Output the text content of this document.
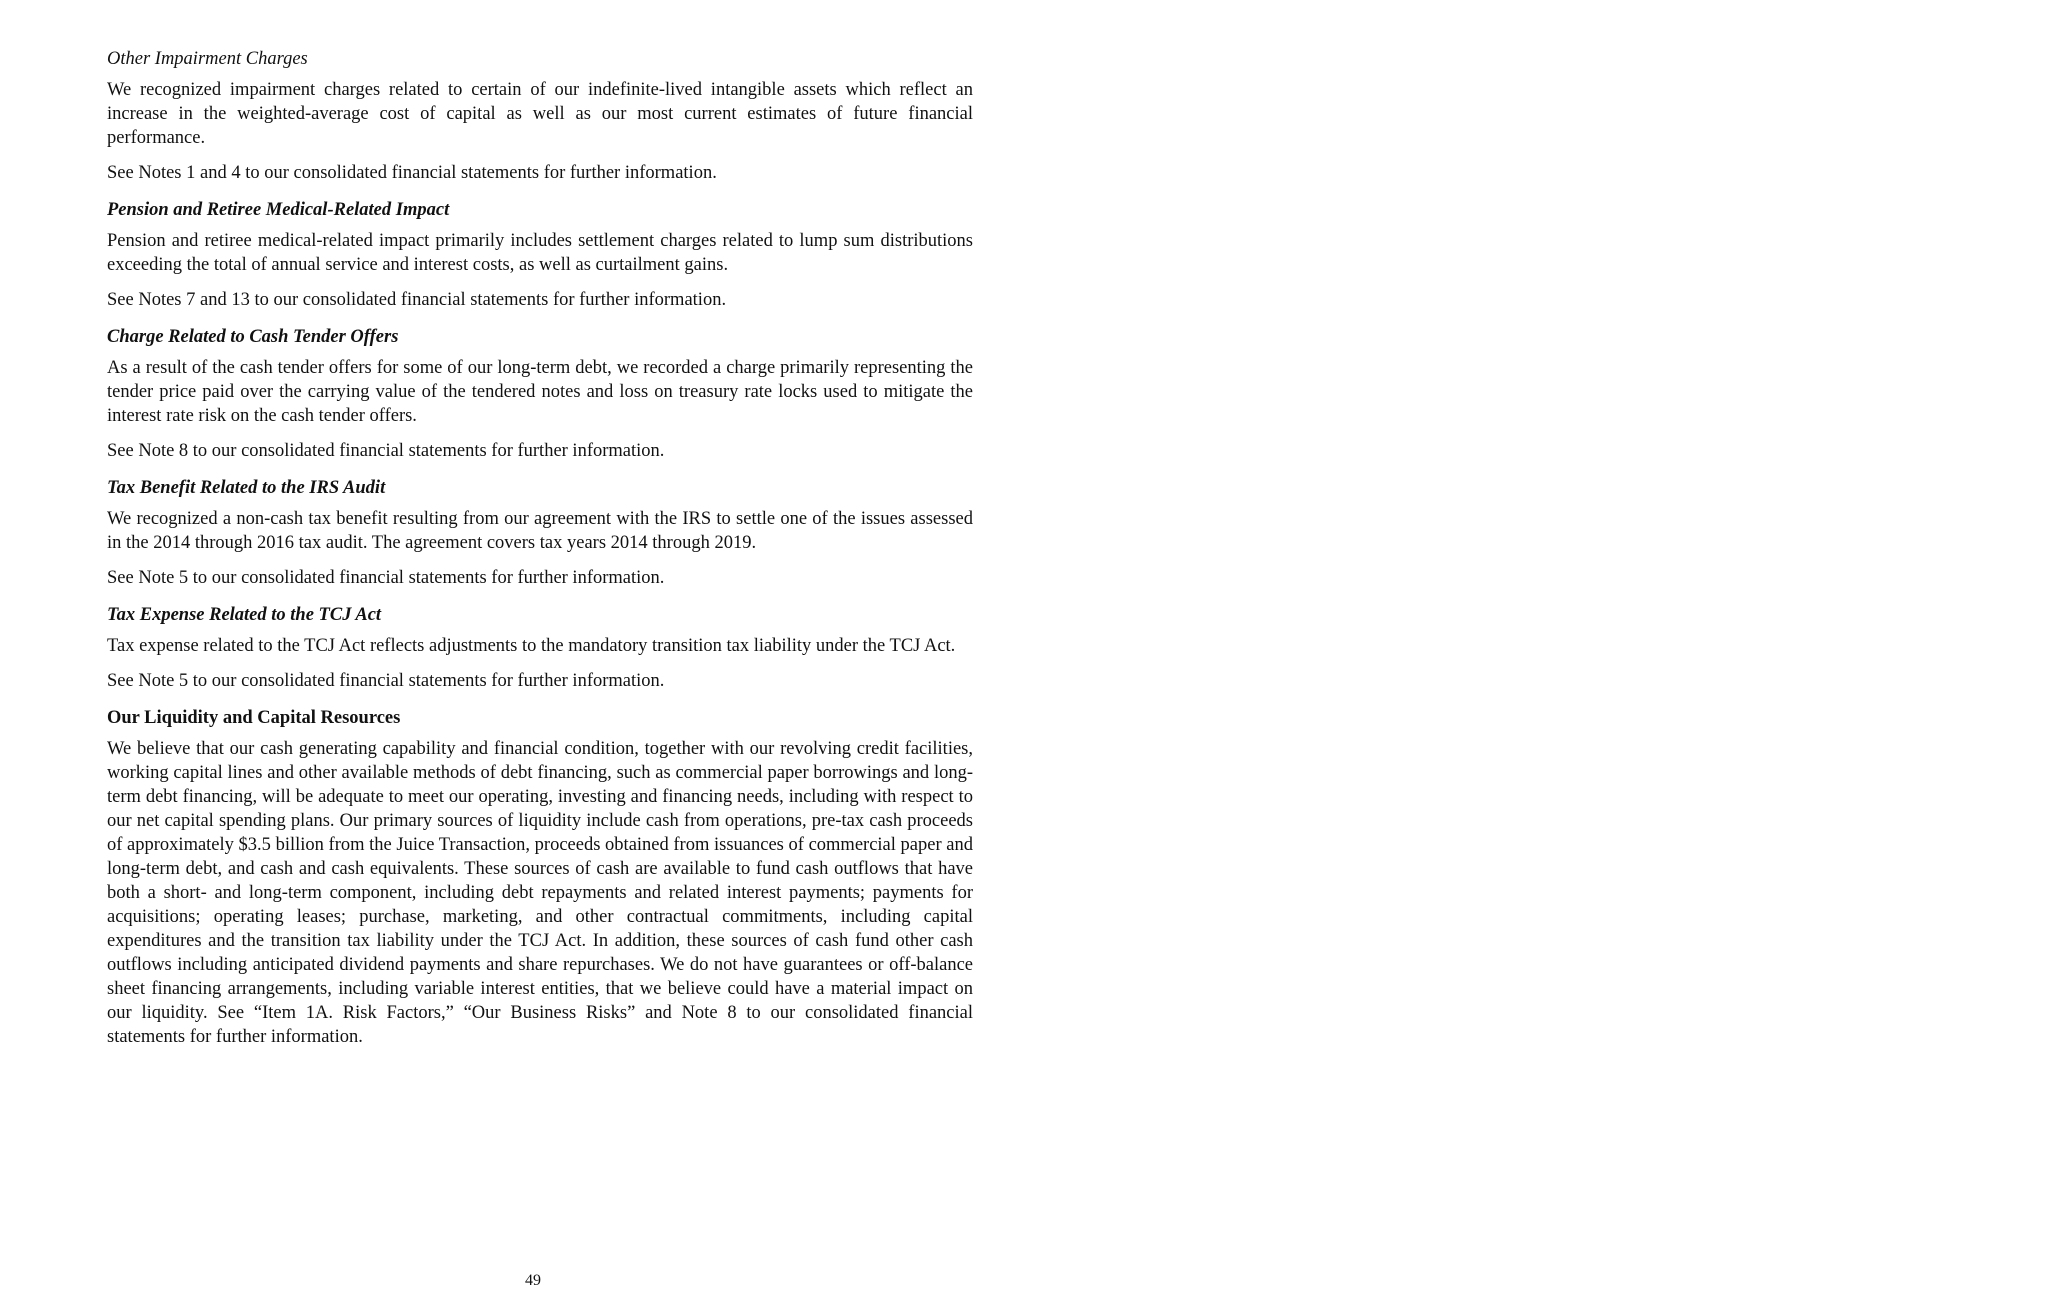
Other Impairment Charges

We recognized impairment charges related to certain of our indefinite-lived intangible assets which reflect an increase in the weighted-average cost of capital as well as our most current estimates of future financial performance.

See Notes 1 and 4 to our consolidated financial statements for further information.

Pension and Retiree Medical-Related Impact

Pension and retiree medical-related impact primarily includes settlement charges related to lump sum distributions exceeding the total of annual service and interest costs, as well as curtailment gains.

See Notes 7 and 13 to our consolidated financial statements for further information.

Charge Related to Cash Tender Offers

As a result of the cash tender offers for some of our long-term debt, we recorded a charge primarily representing the tender price paid over the carrying value of the tendered notes and loss on treasury rate locks used to mitigate the interest rate risk on the cash tender offers.

See Note 8 to our consolidated financial statements for further information.

Tax Benefit Related to the IRS Audit

We recognized a non-cash tax benefit resulting from our agreement with the IRS to settle one of the issues assessed in the 2014 through 2016 tax audit. The agreement covers tax years 2014 through 2019.

See Note 5 to our consolidated financial statements for further information.

Tax Expense Related to the TCJ Act

Tax expense related to the TCJ Act reflects adjustments to the mandatory transition tax liability under the TCJ Act.

See Note 5 to our consolidated financial statements for further information.

Our Liquidity and Capital Resources

We believe that our cash generating capability and financial condition, together with our revolving credit facilities, working capital lines and other available methods of debt financing, such as commercial paper borrowings and long-term debt financing, will be adequate to meet our operating, investing and financing needs, including with respect to our net capital spending plans. Our primary sources of liquidity include cash from operations, pre-tax cash proceeds of approximately $3.5 billion from the Juice Transaction, proceeds obtained from issuances of commercial paper and long-term debt, and cash and cash equivalents. These sources of cash are available to fund cash outflows that have both a short- and long-term component, including debt repayments and related interest payments; payments for acquisitions; operating leases; purchase, marketing, and other contractual commitments, including capital expenditures and the transition tax liability under the TCJ Act. In addition, these sources of cash fund other cash outflows including anticipated dividend payments and share repurchases. We do not have guarantees or off-balance sheet financing arrangements, including variable interest entities, that we believe could have a material impact on our liquidity. See “Item 1A. Risk Factors,” “Our Business Risks” and Note 8 to our consolidated financial statements for further information.

49
